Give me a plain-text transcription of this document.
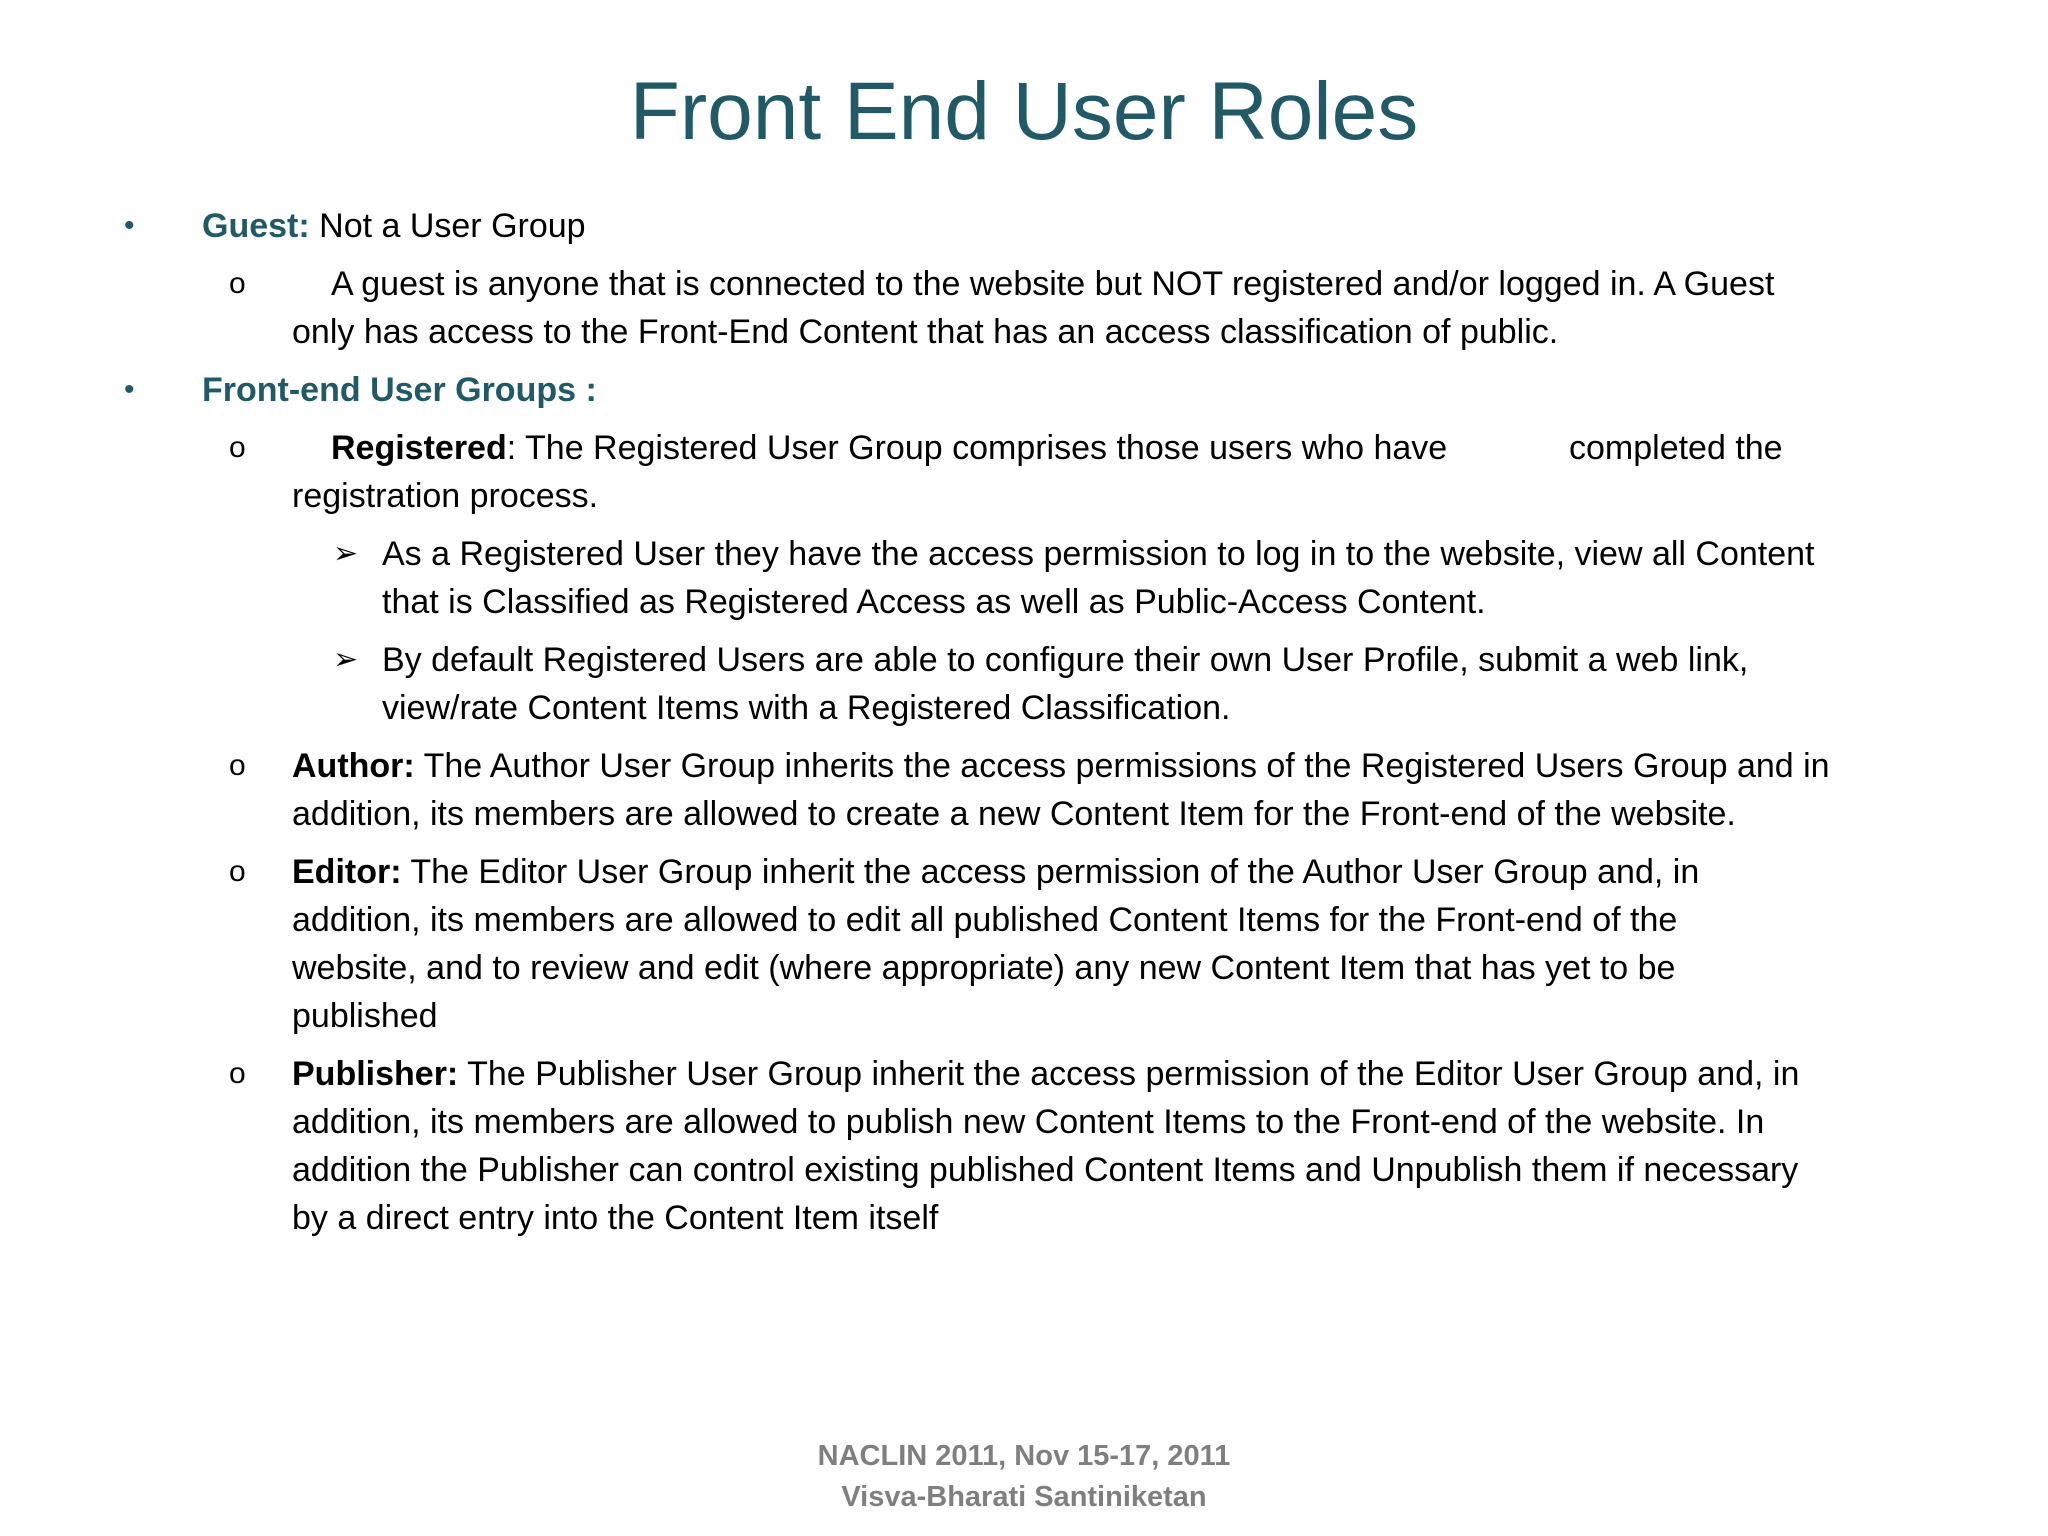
Front End User Roles
• Guest: Not a User Group
o	A guest is anyone that is connected to the website but NOT registered and/or logged in. A Guest
only has access to the Front-End Content that has an access classification of public.
• Front-end User Groups :
o	Registered: The Registered User Group comprises those users who have	completed the
registration process.
➢ As a Registered User they have the access permission to log in to the website, view all Content
that is Classified as Registered Access as well as Public-Access Content.
➢ By default Registered Users are able to configure their own User Profile, submit a web link,
view/rate Content Items with a Registered Classification.
o Author: The Author User Group inherits the access permissions of the Registered Users Group and in
addition, its members are allowed to create a new Content Item for the Front-end of the website.
o Editor: The Editor User Group inherit the access permission of the Author User Group and, in
addition, its members are allowed to edit all published Content Items for the Front-end of the
website, and to review and edit (where appropriate) any new Content Item that has yet to be
published
o Publisher: The Publisher User Group inherit the access permission of the Editor User Group and, in
addition, its members are allowed to publish new Content Items to the Front-end of the website. In
addition the Publisher can control existing published Content Items and Unpublish them if necessary
by a direct entry into the Content Item itself
NACLIN 2011, Nov 15-17, 2011
Visva-Bharati Santiniketan
